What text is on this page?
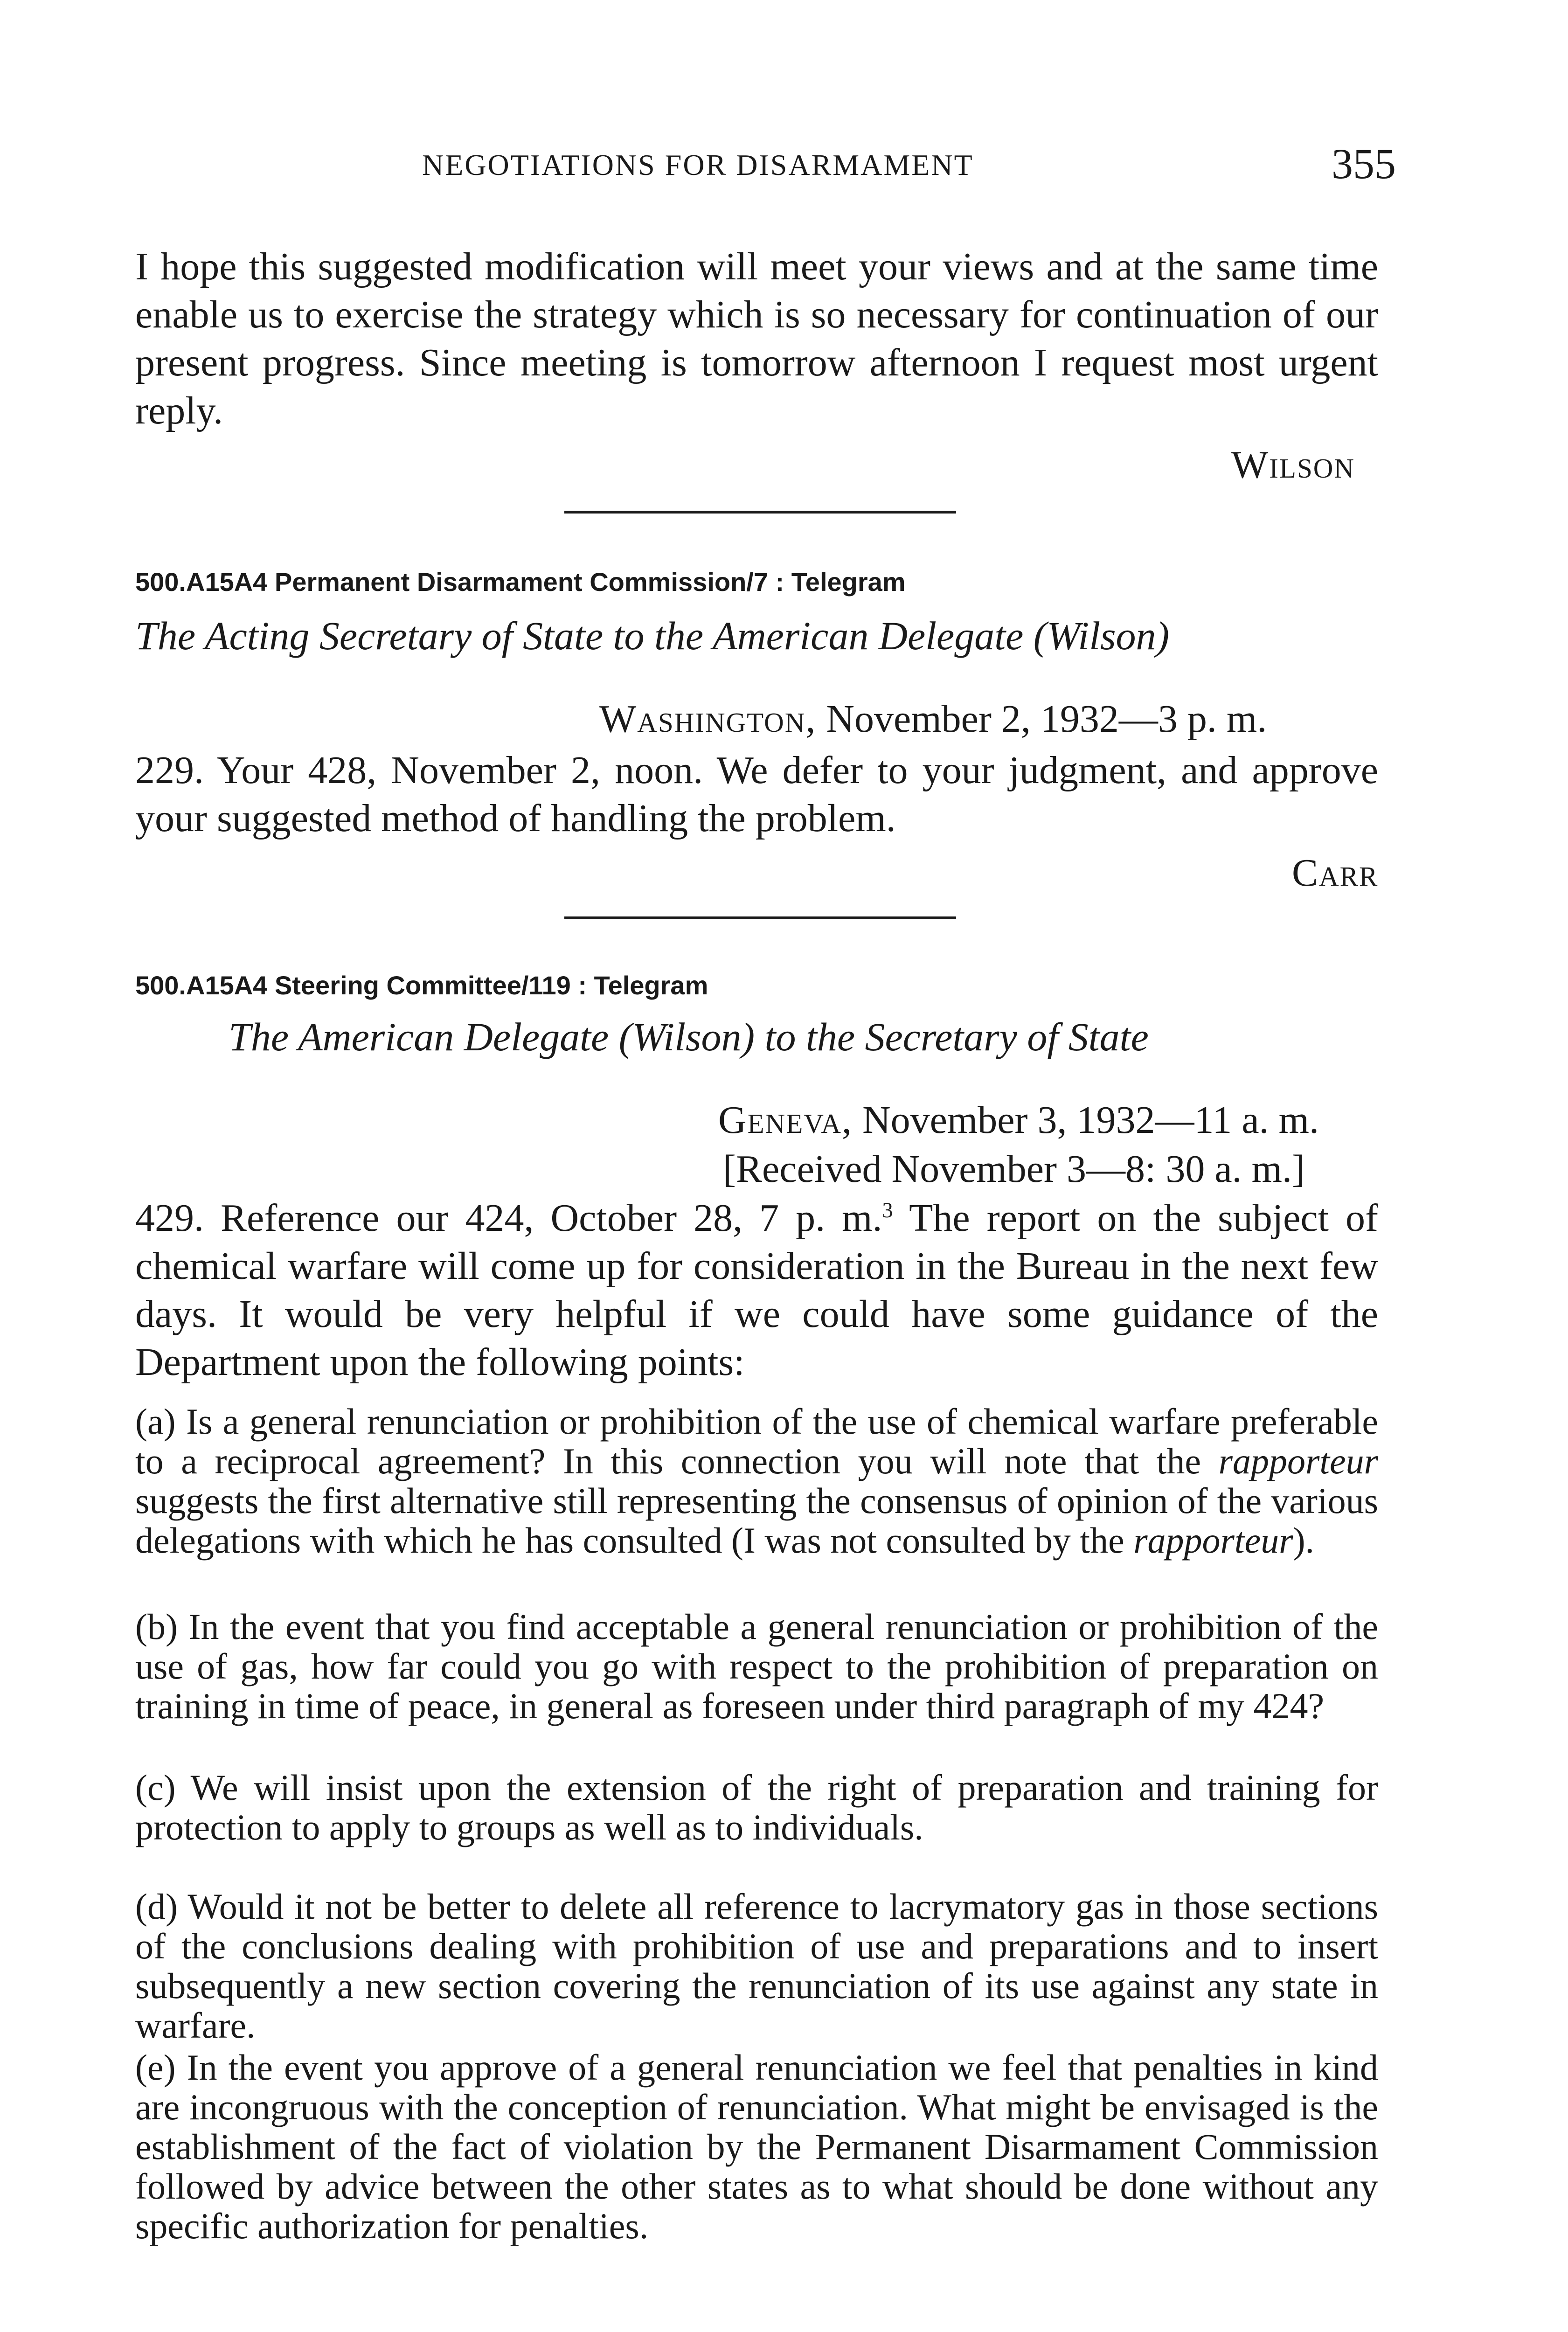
NEGOTIATIONS FOR DISARMAMENT	355
I hope this suggested modification will meet your views and at the same time enable us to exercise the strategy which is so necessary for continuation of our present progress. Since meeting is tomorrow afternoon I request most urgent reply.
Wilson
500.A15A4 Permanent Disarmament Commission/7 : Telegram
The Acting Secretary of State to the American Delegate (Wilson)
Washington, November 2, 1932—3 p. m.
229. Your 428, November 2, noon. We defer to your judgment, and approve your suggested method of handling the problem.
Carr
500.A15A4 Steering Committee/119 : Telegram
The American Delegate (Wilson) to the Secretary of State
Geneva, November 3, 1932—11 a. m.
[Received November 3—8: 30 a. m.]
429. Reference our 424, October 28, 7 p. m.$^3$ The report on the subject of chemical warfare will come up for consideration in the Bureau in the next few days. It would be very helpful if we could have some guidance of the Department upon the following points:
(a) Is a general renunciation or prohibition of the use of chemical warfare preferable to a reciprocal agreement? In this connection you will note that the rapporteur suggests the first alternative still representing the consensus of opinion of the various delegations with which he has consulted (I was not consulted by the rapporteur).
(b) In the event that you find acceptable a general renunciation or prohibition of the use of gas, how far could you go with respect to the prohibition of preparation on training in time of peace, in general as foreseen under third paragraph of my 424?
(c) We will insist upon the extension of the right of preparation and training for protection to apply to groups as well as to individuals.
(d) Would it not be better to delete all reference to lacrymatory gas in those sections of the conclusions dealing with prohibition of use and preparations and to insert subsequently a new section covering the renunciation of its use against any state in warfare.
(e) In the event you approve of a general renunciation we feel that penalties in kind are incongruous with the conception of renunciation. What might be envisaged is the establishment of the fact of violation by the Permanent Disarmament Commission followed by advice between the other states as to what should be done without any specific authorization for penalties.
